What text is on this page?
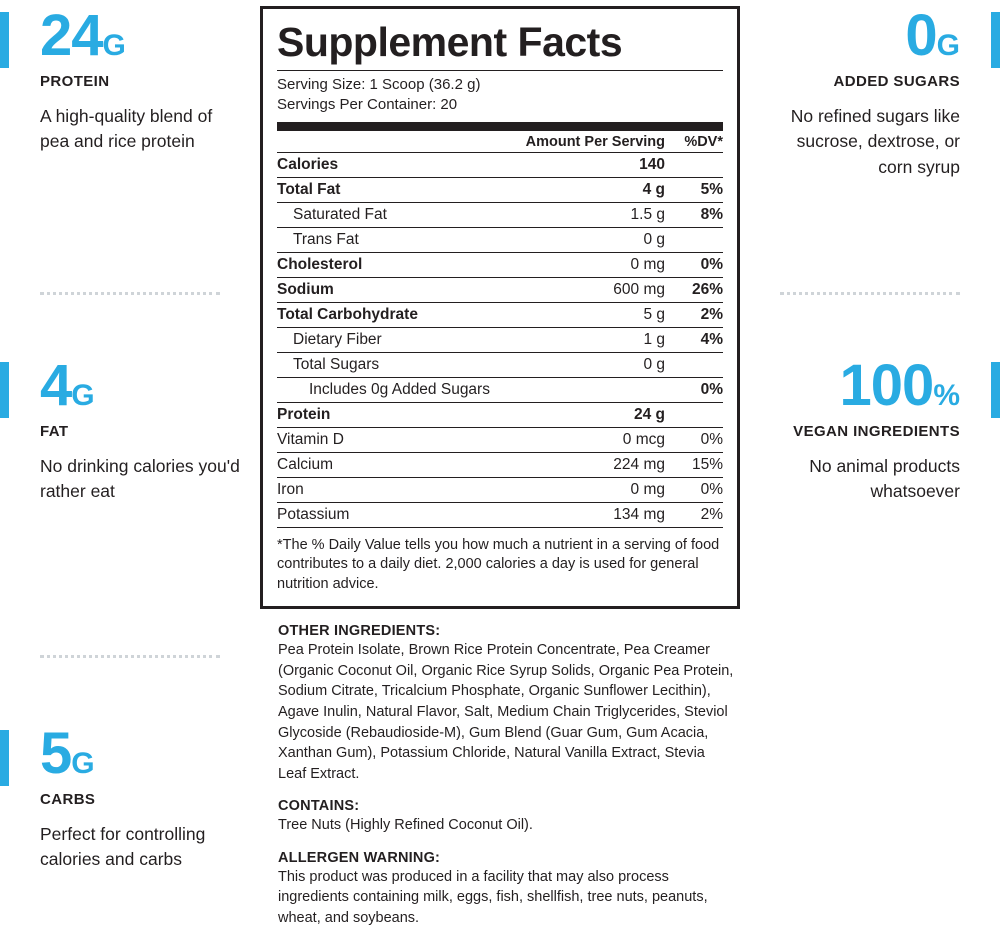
24G
PROTEIN
A high-quality blend of pea and rice protein
4G
FAT
No drinking calories you'd rather eat
5G
CARBS
Perfect for controlling calories and carbs
0G
ADDED SUGARS
No refined sugars like sucrose, dextrose, or corn syrup
100%
VEGAN INGREDIENTS
No animal products whatsoever
Supplement Facts
Serving Size: 1 Scoop (36.2 g)
Servings Per Container: 20
	Amount Per Serving	%DV*
Calories	140	
Total Fat	4 g	5%
Saturated Fat	1.5 g	8%
Trans Fat	0 g	
Cholesterol	0 mg	0%
Sodium	600 mg	26%
Total Carbohydrate	5 g	2%
Dietary Fiber	1 g	4%
Total Sugars	0 g	
Includes 0g Added Sugars		0%
Protein	24 g	
Vitamin D	0 mcg	0%
Calcium	224 mg	15%
Iron	0 mg	0%
Potassium	134 mg	2%
*The % Daily Value tells you how much a nutrient in a serving of food contributes to a daily diet. 2,000 calories a day is used for general nutrition advice.
OTHER INGREDIENTS:
Pea Protein Isolate, Brown Rice Protein Concentrate, Pea Creamer (Organic Coconut Oil, Organic Rice Syrup Solids, Organic Pea Protein, Sodium Citrate, Tricalcium Phosphate, Organic Sunflower Lecithin), Agave Inulin, Natural Flavor, Salt, Medium Chain Triglycerides, Steviol Glycoside (Rebaudioside-M), Gum Blend (Guar Gum, Gum Acacia, Xanthan Gum), Potassium Chloride, Natural Vanilla Extract, Stevia Leaf Extract.
CONTAINS:
Tree Nuts (Highly Refined Coconut Oil).
ALLERGEN WARNING:
This product was produced in a facility that may also process ingredients containing milk, eggs, fish, shellfish, tree nuts, peanuts, wheat, and soybeans.
